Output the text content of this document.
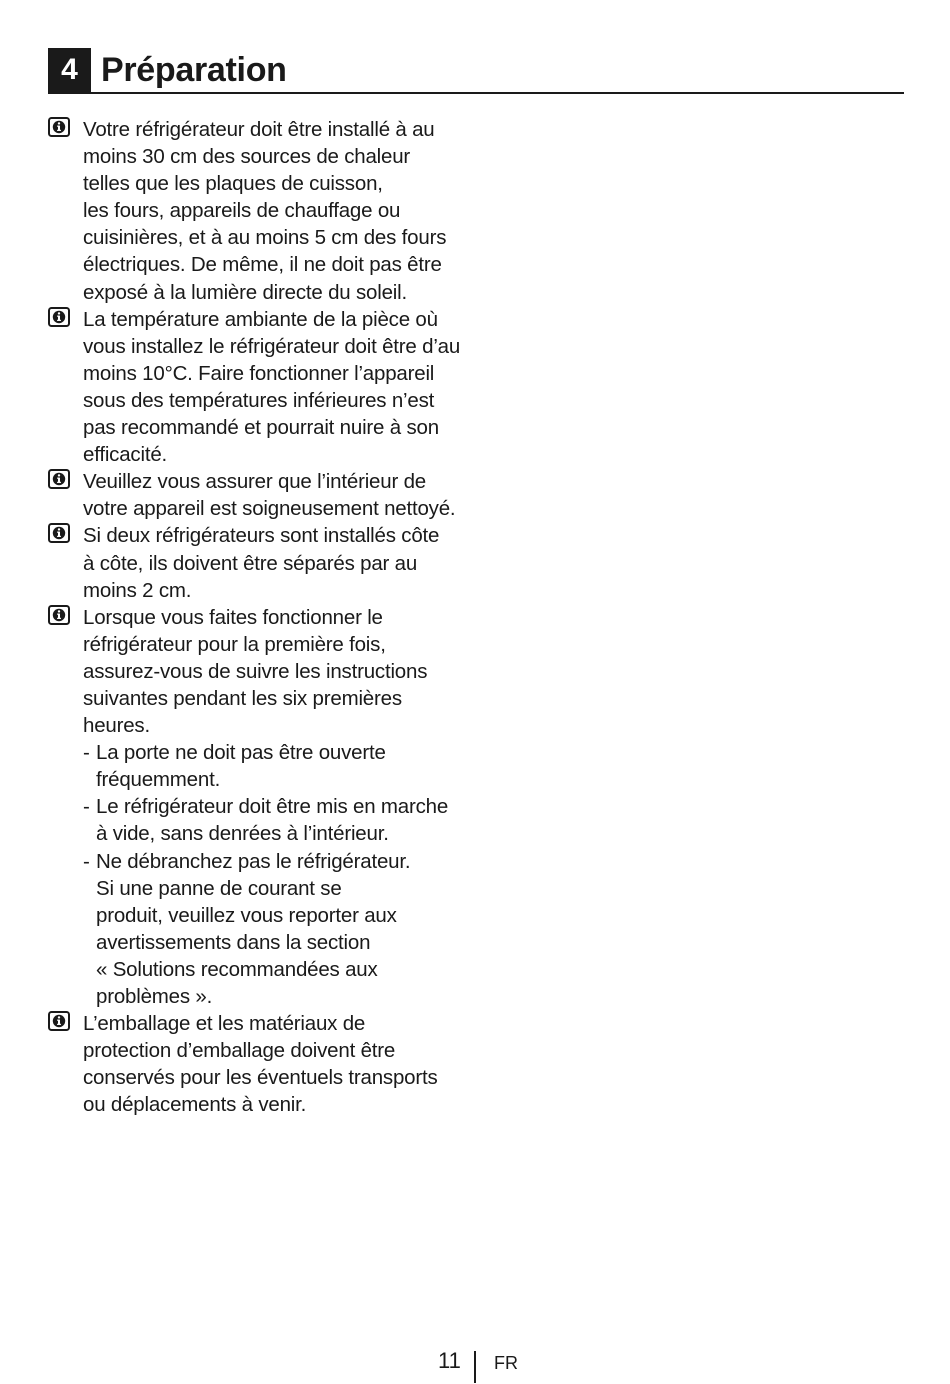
4 Préparation
Votre réfrigérateur doit être installé à au
moins 30 cm des sources de chaleur
telles que les plaques de cuisson,
les fours, appareils de chauffage ou
cuisinières, et à au moins 5 cm des fours
électriques. De même, il ne doit pas être
exposé à la lumière directe du soleil.
La température ambiante de la pièce où
vous installez le réfrigérateur doit être d’au
moins 10°C. Faire fonctionner l’appareil
sous des températures inférieures n’est
pas recommandé et pourrait nuire à son
efficacité.
Veuillez vous assurer que l’intérieur de
votre appareil est soigneusement nettoyé.
Si deux réfrigérateurs sont installés côte
à côte, ils doivent être séparés par au
moins 2 cm.
Lorsque vous faites fonctionner le
réfrigérateur pour la première fois,
assurez-vous de suivre les instructions
suivantes pendant les six premières
heures.
- La porte ne doit pas être ouverte
fréquemment.
- Le réfrigérateur doit être mis en marche
à vide, sans denrées à l’intérieur.
- Ne débranchez pas le réfrigérateur.
Si une panne de courant se
produit, veuillez vous reporter aux
avertissements dans la section
« Solutions recommandées aux
problèmes ».
L’emballage et les matériaux de
protection d’emballage doivent être
conservés pour les éventuels transports
ou déplacements à venir.
11 FR
